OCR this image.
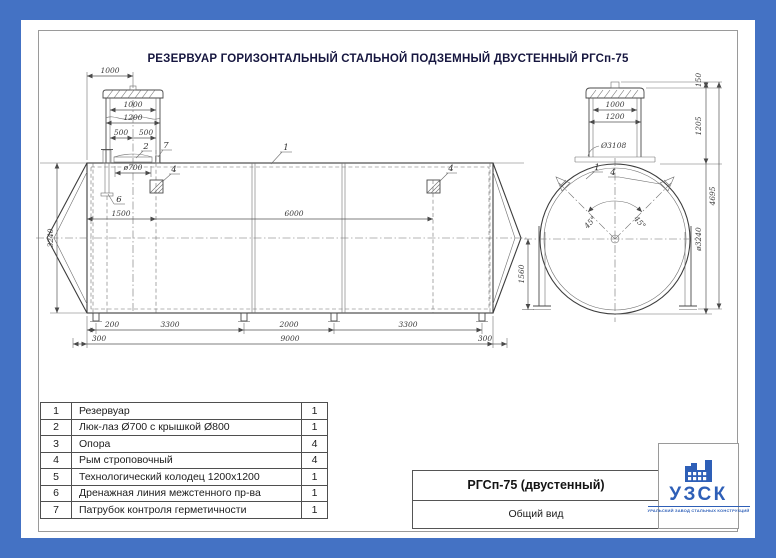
РЕЗЕРВУАР ГОРИЗОНТАЛЬНЫЙ СТАЛЬНОЙ ПОДЗЕМНЫЙ ДВУСТЕННЫЙ РГСп-75
1	Резервуар	1
2	Люк-лаз Ø700 с крышкой Ø800	1
3	Опора	4
4	Рым строповочный	4
5	Технологический колодец 1200х1200	1
6	Дренажная линия межстенного пр-ва	1
7	Патрубок контроля герметичности	1
РГСп-75 (двустенный)
Общий вид
УЗСК
УРАЛЬСКИЙ ЗАВОД СТАЛЬНЫХ КОНСТРУКЦИЙ
1000
1000
1200
500 500
ø700
1500	6000
3240
200	3300	2000	3300
300	9000	300
1
2 7
4	4
6
45°	45°
1000
1200
Ø3108
150
1205
ø3240
4695
1560
1 4
